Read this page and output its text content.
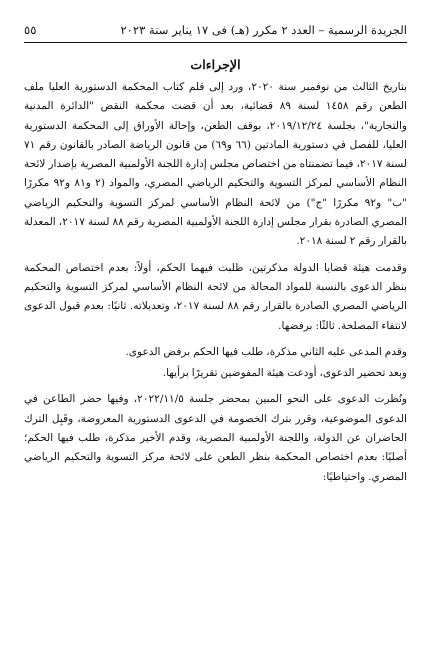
الجريدة الرسمية – العدد ٢ مكرر (هـ) فى ١٧ يناير سنة ٢٠٢٣
٥٥
الإجراءات

بتاريخ الثالث من نوفمبر سنة ٢٠٢٠، ورد إلى قلم كتاب المحكمة الدستورية العليا ملف الطعن رقم ١٤٥٨ لسنة ٨٩ قضائية، بعد أن قضت محكمة النقض "الدائرة المدنية والتجارية"، بجلسة ٢٠١٩/١٢/٢٤، بوقف الطعن، وإحالة الأوراق إلى المحكمة الدستورية العليا، للفصل في دستورية المادتين (٦٦ و٦٩) من قانون الرياضة الصادر بالقانون رقم ٧١ لسنة ٢٠١٧، فيما تضمنتاه من اختصاص مجلس إدارة اللجنة الأولمبية المصرية بإصدار لائحة النظام الأساسي لمركز التسوية والتحكيم الرياضي المصري، والمواد (٢ و٨١ و٩٢ مكررًا "ب" و٩٢ مكررًا "ج") من لائحة النظام الأساسي لمركز التسوية والتحكيم الرياضي المصري الصادرة بقرار مجلس إدارة اللجنة الأولمبية المصرية رقم ٨٨ لسنة ٢٠١٧، المعدلة بالقرار رقم ٢ لسنة ٢٠١٨.

وقدمت هيئة قضايا الدولة مذكرتين، طلبت فيهما الحكم، أولاً: بعدم اختصاص المحكمة بنظر الدعوى بالنسبة للمواد المحالة من لائحة النظام الأساسي لمركز التسوية والتحكيم الرياضي المصري الصادرة بالقرار رقم ٨٨ لسنة ٢٠١٧، وتعديلاته. ثانيًا: بعدم قبول الدعوى لانتفاء المصلحة. ثالثًا: برفضها.

وقدم المدعى عليه الثاني مذكرة، طلب فيها الحكم برفض الدعوى.

وبعد تحضير الدعوى، أودعت هيئة المفوضين تقريرًا برأيها.

ونُظرت الدعوى على النحو المبين بمحضر جلسة ٢٠٢٢/١١/٥، وفيها حضر الطاعن في الدعوى الموضوعية، وقرر بترك الخصومة في الدعوى الدستورية المعروضة، وقَبِل الترك الحاضران عن الدولة، واللجنة الأولمبية المصرية، وقدم الأخير مذكرة، طلب فيها الحكم؛ أصليًا: بعدم اختصاص المحكمة بنظر الطعن على لائحة مركز التسوية والتحكيم الرياضي المصري. واحتياطيًا:
